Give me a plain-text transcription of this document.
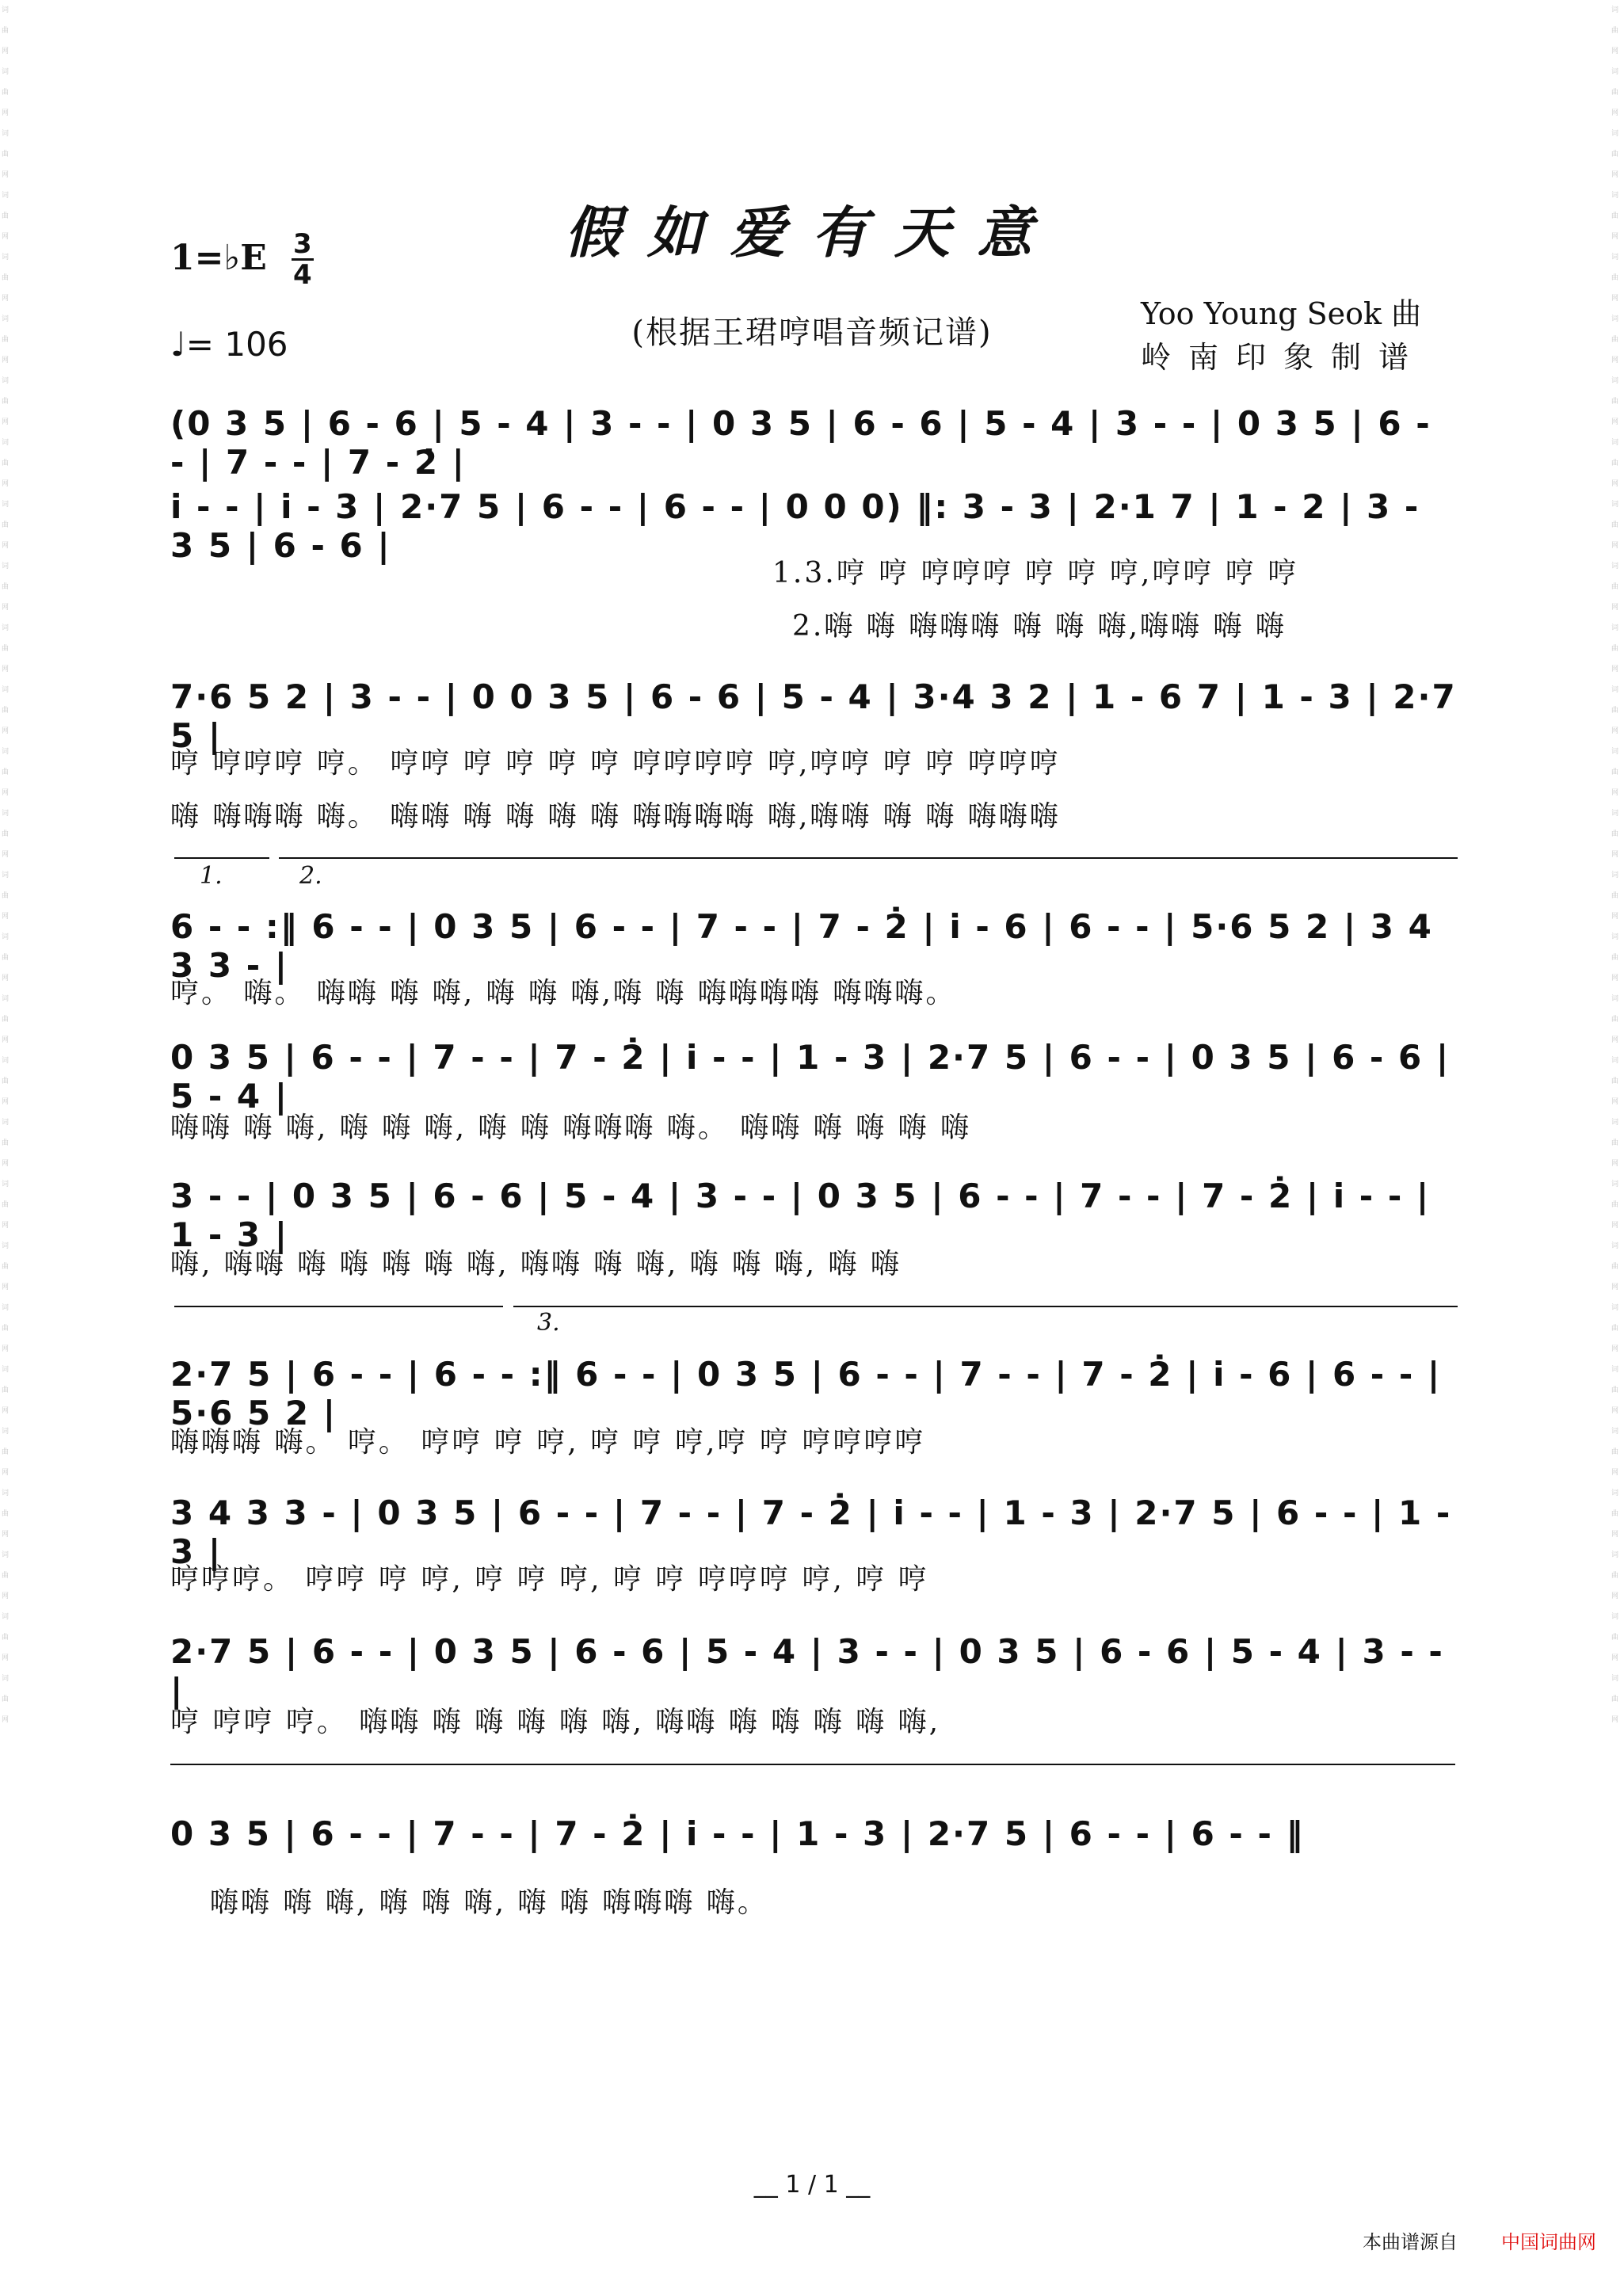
词曲网词曲网词曲网词曲网词曲网词曲网词曲网词曲网词曲网词曲网词曲网词曲网词曲网词曲网词曲网词曲网词曲网词曲网词曲网词曲网词曲网词曲网词曲网词曲网词曲网词曲网词曲网词曲网
词曲网词曲网词曲网词曲网词曲网词曲网词曲网词曲网词曲网词曲网词曲网词曲网词曲网词曲网词曲网词曲网词曲网词曲网词曲网词曲网词曲网词曲网词曲网词曲网词曲网词曲网词曲网词曲网
假如爱有天意
(根据王珺哼唱音频记谱)
1=♭E 3
4
♩= 106
Yoo Young Seok 曲
岭南印象制谱
(0 3 5 | 6 - 6 | 5 - 4 | 3 - - | 0 3 5 | 6 - 6 | 5 - 4 | 3 - - | 0 3 5 | 6 - - | 7 - - | 7 - 2̇ |
i̇ - - | i̇ - 3 | 2·7 5 | 6 - - | 6 - - | 0 0 0) ‖: 3 - 3 | 2·1 7 | 1 - 2 | 3 - 3 5 | 6 - 6 |
1.3.哼 哼 哼哼哼 哼 哼 哼,哼哼 哼 哼
2.嗨 嗨 嗨嗨嗨 嗨 嗨 嗨,嗨嗨 嗨 嗨
7·6 5 2 | 3 - - | 0 0 3 5 | 6 - 6 | 5 - 4 | 3·4 3 2 | 1 - 6 7 | 1 - 3 | 2·7 5 |
哼 哼哼哼 哼。 哼哼 哼 哼 哼 哼 哼哼哼哼 哼,哼哼 哼 哼 哼哼哼
嗨 嗨嗨嗨 嗨。 嗨嗨 嗨 嗨 嗨 嗨 嗨嗨嗨嗨 嗨,嗨嗨 嗨 嗨 嗨嗨嗨
1.	2.
6 - - :‖ 6 - - | 0 3 5 | 6 - - | 7 - - | 7 - 2̇ | i̇ - 6 | 6 - - | 5·6 5 2 | 3 4 3 3 - |
哼。 嗨。 嗨嗨 嗨 嗨, 嗨 嗨 嗨,嗨 嗨 嗨嗨嗨嗨 嗨嗨嗨。
0 3 5 | 6 - - | 7 - - | 7 - 2̇ | i̇ - - | 1 - 3 | 2·7 5 | 6 - - | 0 3 5 | 6 - 6 | 5 - 4 |
嗨嗨 嗨 嗨, 嗨 嗨 嗨, 嗨 嗨 嗨嗨嗨 嗨。 嗨嗨 嗨 嗨 嗨 嗨
3 - - | 0 3 5 | 6 - 6 | 5 - 4 | 3 - - | 0 3 5 | 6 - - | 7 - - | 7 - 2̇ | i̇ - - | 1 - 3 |
嗨, 嗨嗨 嗨 嗨 嗨 嗨 嗨, 嗨嗨 嗨 嗨, 嗨 嗨 嗨, 嗨 嗨
3.
2·7 5 | 6 - - | 6 - - :‖ 6 - - | 0 3 5 | 6 - - | 7 - - | 7 - 2̇ | i̇ - 6 | 6 - - | 5·6 5 2 |
嗨嗨嗨 嗨。 哼。 哼哼 哼 哼, 哼 哼 哼,哼 哼 哼哼哼哼
3 4 3 3 - | 0 3 5 | 6 - - | 7 - - | 7 - 2̇ | i̇ - - | 1 - 3 | 2·7 5 | 6 - - | 1 - 3 |
哼哼哼。 哼哼 哼 哼, 哼 哼 哼, 哼 哼 哼哼哼 哼, 哼 哼
2·7 5 | 6 - - | 0 3 5 | 6 - 6 | 5 - 4 | 3 - - | 0 3 5 | 6 - 6 | 5 - 4 | 3 - - |
哼 哼哼 哼。 嗨嗨 嗨 嗨 嗨 嗨 嗨, 嗨嗨 嗨 嗨 嗨 嗨 嗨,
0 3 5 | 6 - - | 7 - - | 7 - 2̇ | i̇ - - | 1 - 3 | 2·7 5 | 6 - - | 6 - - ‖
嗨嗨 嗨 嗨, 嗨 嗨 嗨, 嗨 嗨 嗨嗨嗨 嗨。
__ 1 / 1 __
本曲谱源自 中国词曲网
